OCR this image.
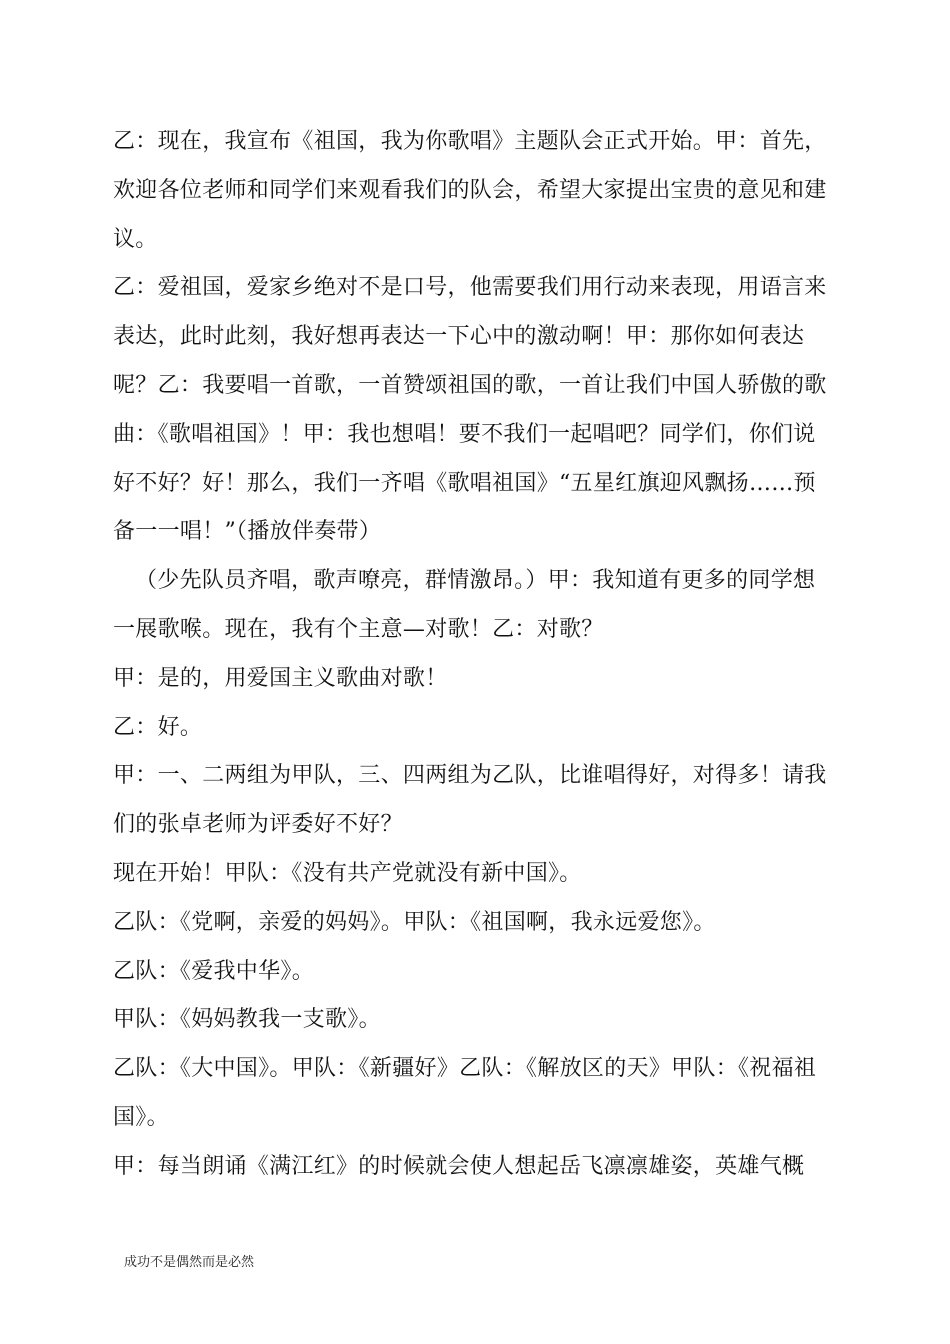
乙：现在，我宣布《祖国，我为你歌唱》主题队会正式开始。甲：首先，欢迎各位老师和同学们来观看我们的队会，希望大家提出宝贵的意见和建议。

乙：爱祖国，爱家乡绝对不是口号，他需要我们用行动来表现，用语言来表达，此时此刻，我好想再表达一下心中的激动啊！甲：那你如何表达呢？乙：我要唱一首歌，一首赞颂祖国的歌，一首让我们中国人骄傲的歌曲：《歌唱祖国》！甲：我也想唱！要不我们一起唱吧？同学们，你们说好不好？好！那么，我们一齐唱《歌唱祖国》“五星红旗迎风飘扬……预备一一唱！”（播放伴奏带）

（少先队员齐唱，歌声嘹亮，群情激昂。）甲：我知道有更多的同学想一展歌喉。现在，我有个主意—对歌！乙：对歌？

甲：是的，用爱国主义歌曲对歌！

乙：好。

甲：一、二两组为甲队，三、四两组为乙队，比谁唱得好，对得多！请我们的张卓老师为评委好不好？

现在开始！甲队：《没有共产党就没有新中国》。

乙队：《党啊，亲爱的妈妈》。甲队：《祖国啊，我永远爱您》。

乙队：《爱我中华》。

甲队：《妈妈教我一支歌》。

乙队：《大中国》。甲队：《新疆好》乙队：《解放区的天》甲队：《祝福祖国》。

甲：每当朗诵《满江红》的时候就会使人想起岳飞凛凛雄姿，英雄气概

成功不是偶然而是必然
